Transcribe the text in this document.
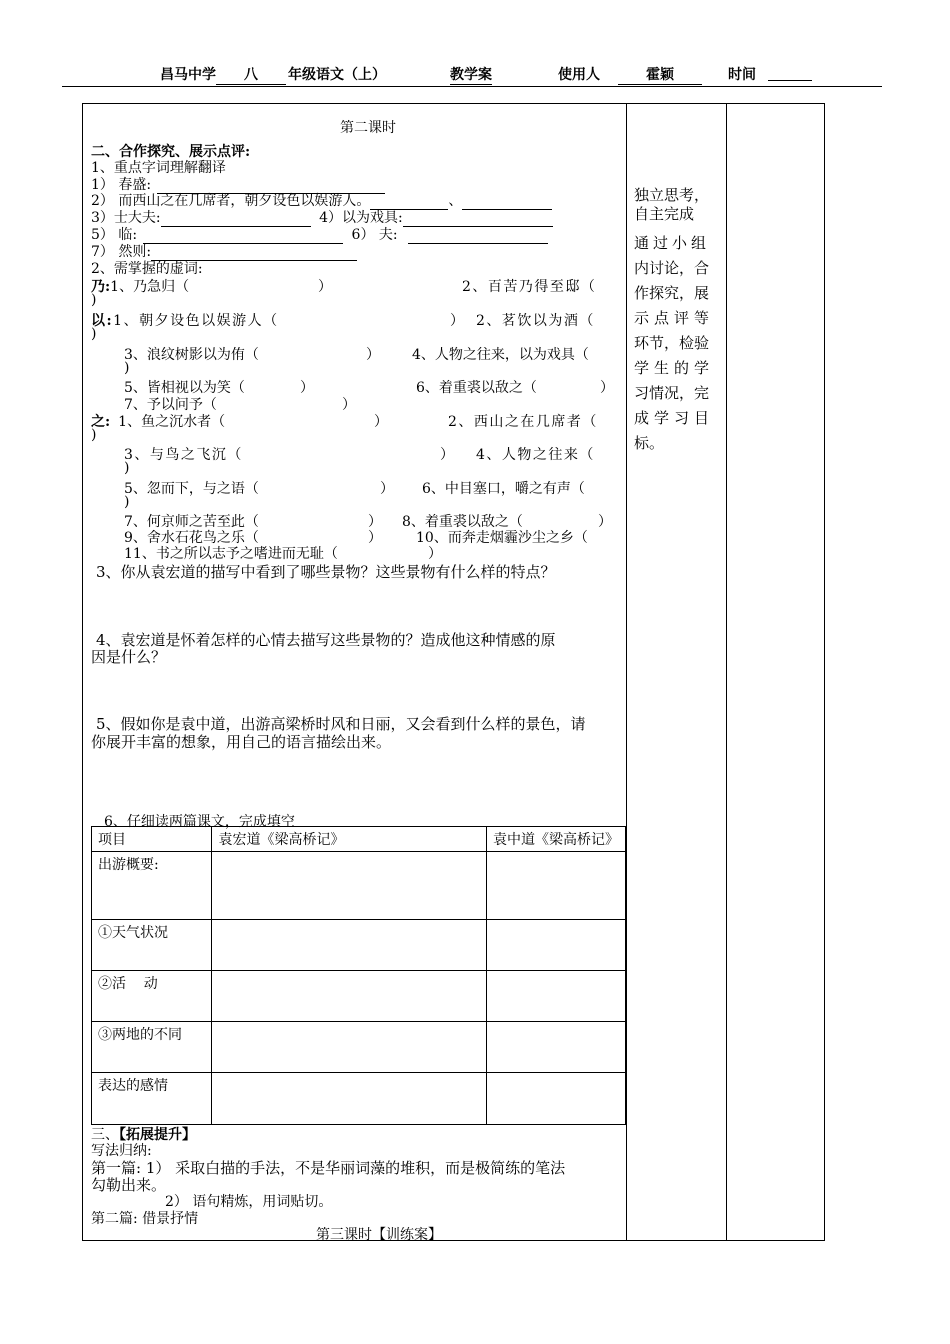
昌马中学	八	年级语文（上）	教学案	使用人	霍颖	时间
第二课时
二、合作探究、展示点评:
1、重点字词理解翻译
1） 春盛:
2） 而西山之在几席者，朝夕设色以娱游人。	、
3）士大夫:	4）以为戏具:
5） 临:	6） 夫:
7） 然则:
2、需掌握的虚词:
乃:1、乃急归（	）	2、百苦乃得至邸（
)
以:1、朝夕设色以娱游人（	） 2、茗饮以为酒（
)
3、浪纹树影以为侑（	） 4、人物之往来，以为戏具（
)
5、皆相视以为笑（	）	6、着重裘以敌之（	）
7、予以问予（	）
之: 1、鱼之沉水者（	）	2、西山之在几席者（
)
3、与鸟之飞沉（	） 4、人物之往来（
)
5、忽而下，与之语（	） 6、中目塞口，嚼之有声（
)
7、何京师之苦至此（	） 8、着重裘以敌之（	）
9、舍水石花鸟之乐（	） 10、而奔走烟霾沙尘之乡（
11、书之所以志予之嗜进而无耻（	）
3、你从袁宏道的描写中看到了哪些景物？这些景物有什么样的特点？
4、袁宏道是怀着怎样的心情去描写这些景物的？造成他这种情感的原
因是什么？
5、假如你是袁中道，出游高梁桥时风和日丽，又会看到什么样的景色，请
你展开丰富的想象，用自己的语言描绘出来。
6、仔细读两篇课文，完成填空
项目	袁宏道《梁高桥记》	袁中道《梁高桥记》
出游概要:		
①天气状况		
②活    动		
③两地的不同		
表达的感情		
三、【拓展提升】
写法归纳:
第一篇: 1） 采取白描的手法，不是华丽词藻的堆积，而是极简练的笔法
勾勒出来。
2） 语句精炼，用词贴切。
第二篇: 借景抒情
第三课时【训练案】
独立思考，
自主完成
通过小组
内讨论，合
作探究，展
示点评等
环节，检验
学生的学
习情况，完
成学习目
标。
